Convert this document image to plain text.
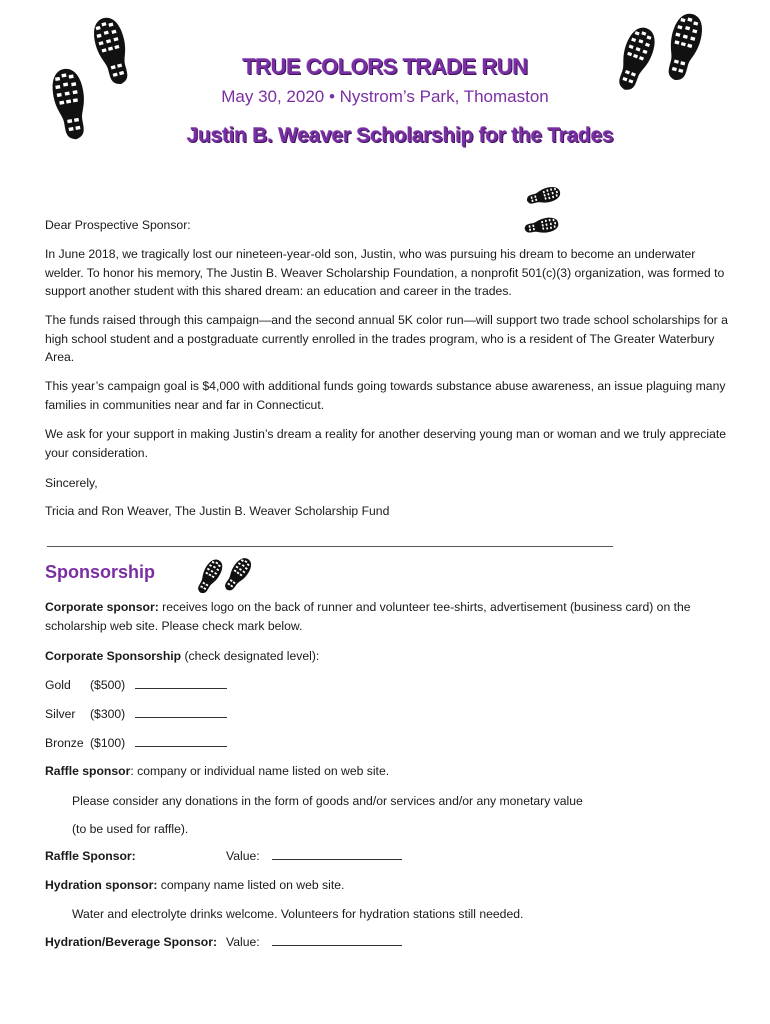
TRUE COLORS TRADE RUN
May 30, 2020 • Nystrom’s Park, Thomaston
Justin B. Weaver Scholarship for the Trades
Dear Prospective Sponsor:
In June 2018, we tragically lost our nineteen-year-old son, Justin, who was pursuing his dream to become an underwater welder. To honor his memory, The Justin B. Weaver Scholarship Foundation, a nonprofit 501(c)(3) organization, was formed to support another student with this shared dream: an education and career in the trades.
The funds raised through this campaign—and the second annual 5K color run—will support two trade school scholarships for a high school student and a postgraduate currently enrolled in the trades program, who is a resident of The Greater Waterbury Area.
This year’s campaign goal is $4,000 with additional funds going towards substance abuse awareness, an issue plaguing many families in communities near and far in Connecticut.
We ask for your support in making Justin’s dream a reality for another deserving young man or woman and we truly appreciate your consideration.
Sincerely,
Tricia and Ron Weaver, The Justin B. Weaver Scholarship Fund
Sponsorship
Corporate sponsor: receives logo on the back of runner and volunteer tee-shirts, advertisement (business card) on the scholarship web site. Please check mark below.
Corporate Sponsorship (check designated level):
Gold ($500)
Silver ($300)
Bronze ($100)
Raffle sponsor: company or individual name listed on web site.
Please consider any donations in the form of goods and/or services and/or any monetary value
(to be used for raffle).
Raffle Sponsor:	Value:
Hydration sponsor: company name listed on web site.
Water and electrolyte drinks welcome. Volunteers for hydration stations still needed.
Hydration/Beverage Sponsor: Value:
